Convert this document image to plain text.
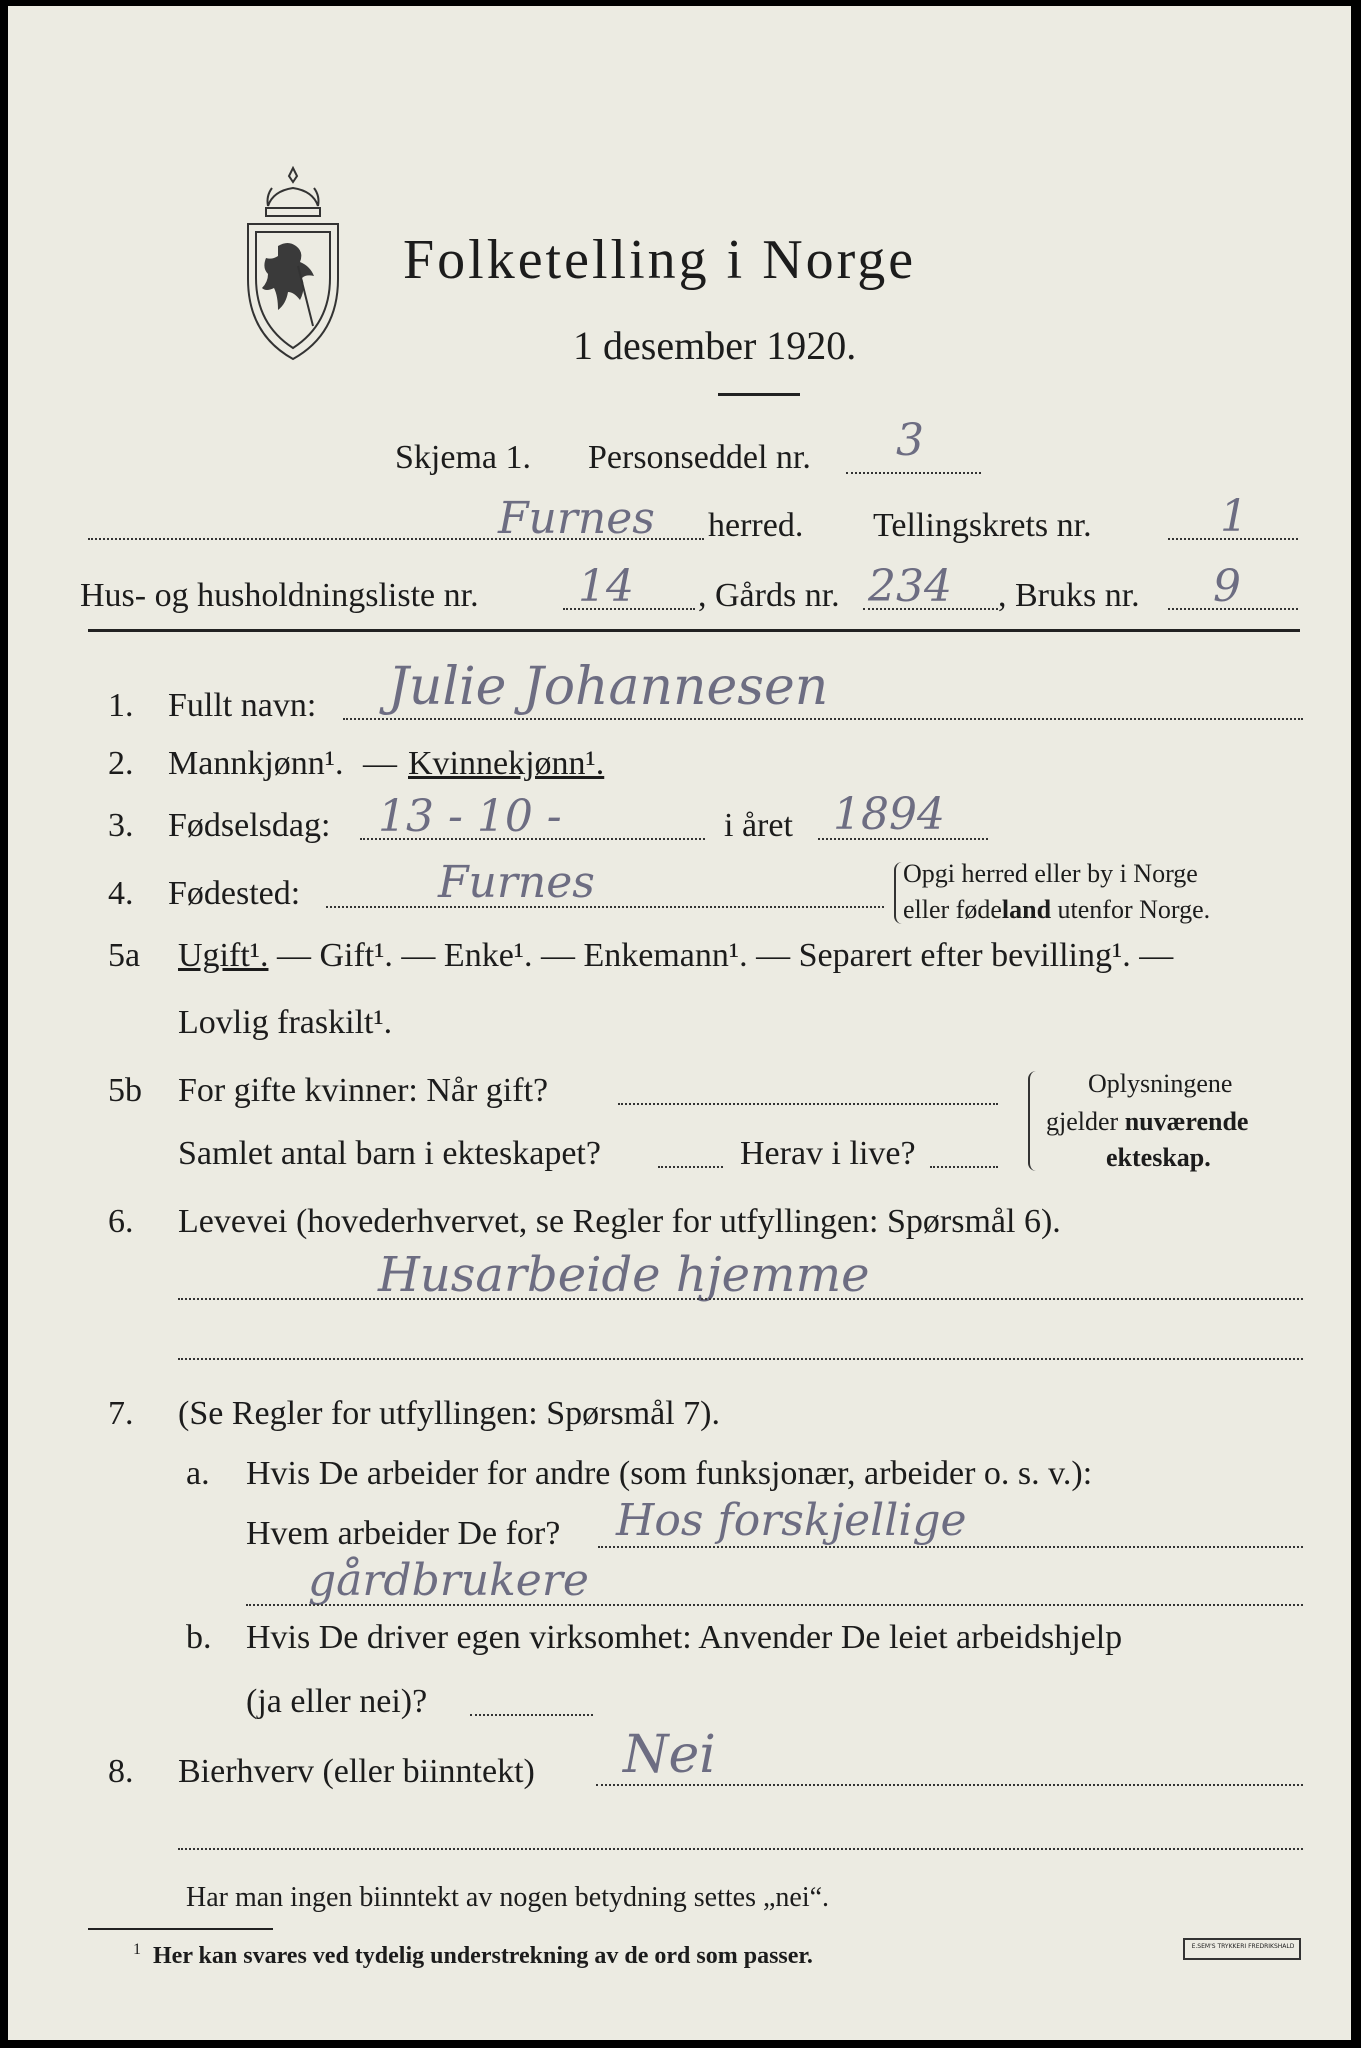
Folketelling i Norge
1 desember 1920.
Skjema 1. Personseddel nr. 3
Furnes herred. Tellingskrets nr.	1
Hus- og husholdningsliste nr. 14 , Gårds nr. 234 , Bruks nr. 9
1. Fullt navn: Julie Johannesen
2. Mannkjønn¹. — Kvinnekjønn¹.
3. Fødselsdag: 13 - 10 -	i året 1894
4. Fødested:	Furnes	Opgi herred eller by i Norge
eller fødeland utenfor Norge.
5a Ugift¹. — Gift¹. — Enke¹. — Enkemann¹. — Separert efter bevilling¹. —
Lovlig fraskilt¹.
5b For gifte kvinner: Når gift?
Samlet antal barn i ekteskapet?	Herav i live?
Oplysningene
gjelder nuværende
ekteskap.
6. Levevei (hovederhvervet, se Regler for utfyllingen: Spørsmål 6).
Husarbeide hjemme
7. (Se Regler for utfyllingen: Spørsmål 7).
a. Hvis De arbeider for andre (som funksjonær, arbeider o. s. v.):
Hvem arbeider De for? Hos forskjellige
gårdbrukere
b. Hvis De driver egen virksomhet: Anvender De leiet arbeidshjelp
(ja eller nei)?
8. Bierhverv (eller biinntekt) Nei
Har man ingen biinntekt av nogen betydning settes „nei“.
$^1$ Her kan svares ved tydelig understrekning av de ord som passer.	E.SEM'S TRYKKERI FREDRIKSHALD
